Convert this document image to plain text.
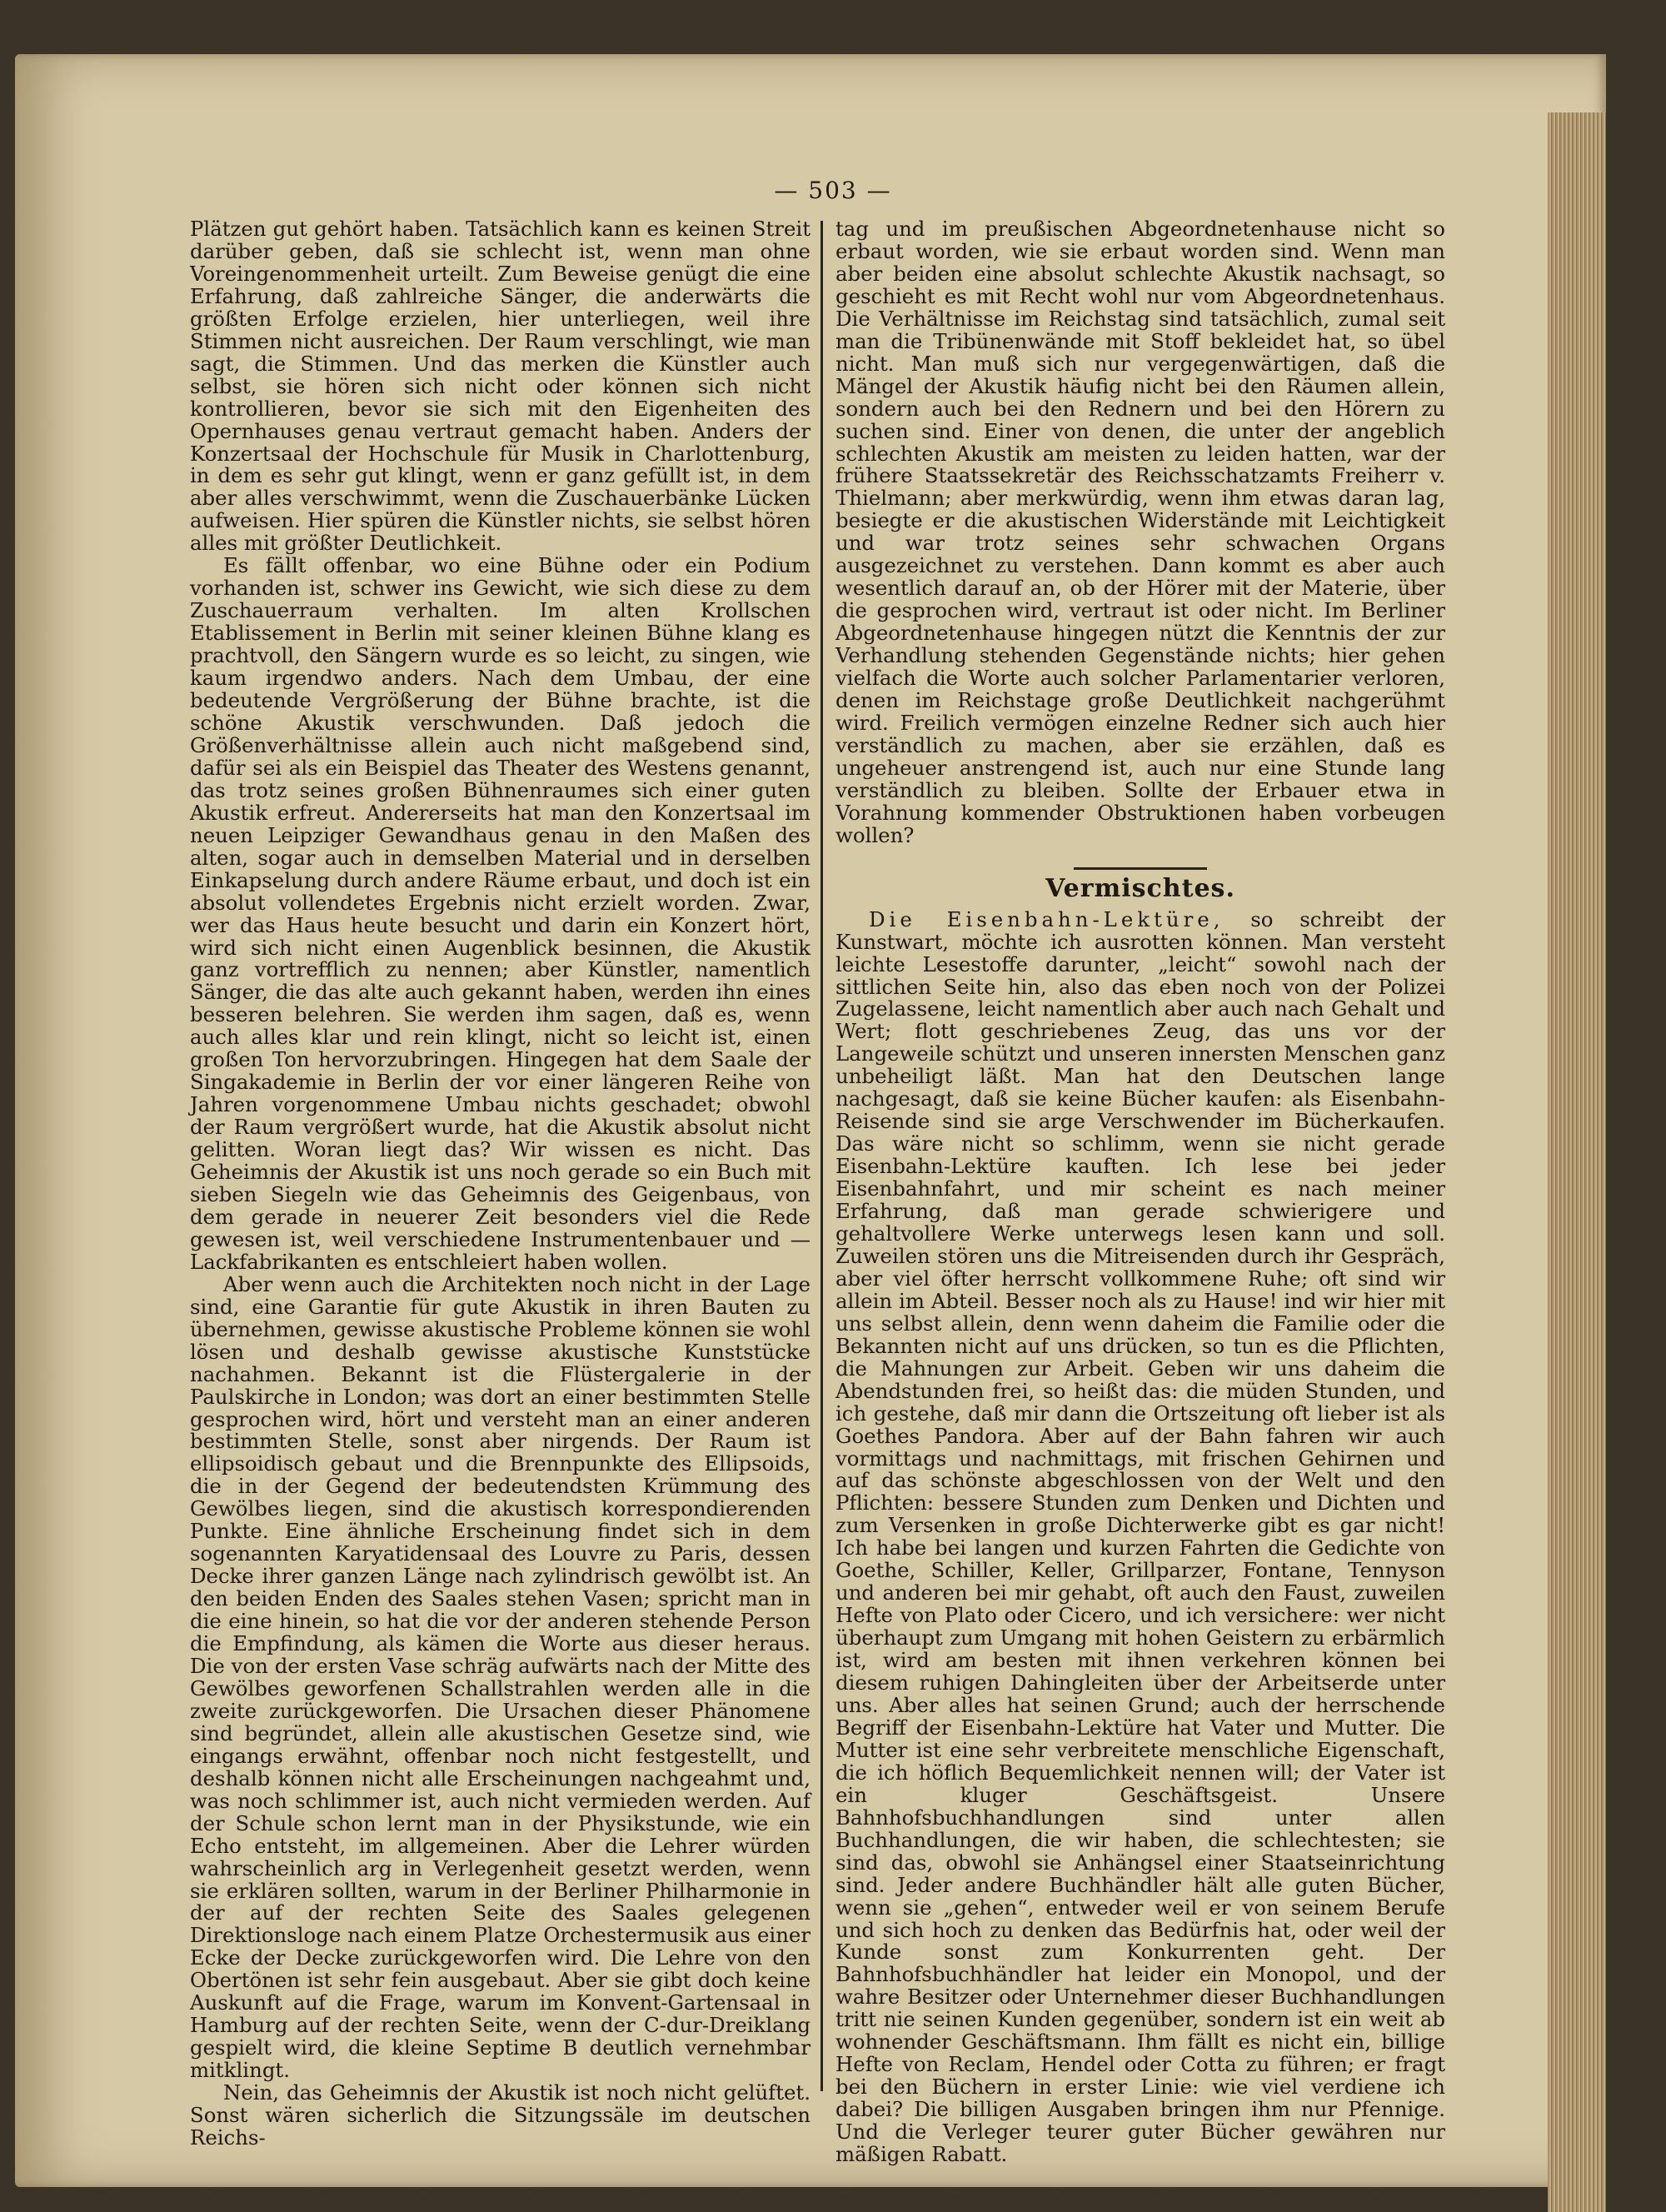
— 503 —

Plätzen gut gehört haben. Tatsächlich kann es keinen Streit darüber geben, daß sie schlecht ist, wenn man ohne Voreingenommenheit urteilt. Zum Beweise genügt die eine Erfahrung, daß zahlreiche Sänger, die anderwärts die größten Erfolge erzielen, hier unterliegen, weil ihre Stimmen nicht ausreichen. Der Raum verschlingt, wie man sagt, die Stimmen. Und das merken die Künstler auch selbst, sie hören sich nicht oder können sich nicht kontrollieren, bevor sie sich mit den Eigenheiten des Opernhauses genau vertraut gemacht haben. Anders der Konzertsaal der Hochschule für Musik in Charlottenburg, in dem es sehr gut klingt, wenn er ganz gefüllt ist, in dem aber alles verschwimmt, wenn die Zuschauerbänke Lücken aufweisen. Hier spüren die Künstler nichts, sie selbst hören alles mit größter Deutlichkeit.

Es fällt offenbar, wo eine Bühne oder ein Podium vorhanden ist, schwer ins Gewicht, wie sich diese zu dem Zuschauerraum verhalten. Im alten Krollschen Etablissement in Berlin mit seiner kleinen Bühne klang es prachtvoll, den Sängern wurde es so leicht, zu singen, wie kaum irgendwo anders. Nach dem Umbau, der eine bedeutende Vergrößerung der Bühne brachte, ist die schöne Akustik verschwunden. Daß jedoch die Größenverhältnisse allein auch nicht maßgebend sind, dafür sei als ein Beispiel das Theater des Westens genannt, das trotz seines großen Bühnenraumes sich einer guten Akustik erfreut. Andererseits hat man den Konzertsaal im neuen Leipziger Gewandhaus genau in den Maßen des alten, sogar auch in demselben Material und in derselben Einkapselung durch andere Räume erbaut, und doch ist ein absolut vollendetes Ergebnis nicht erzielt worden. Zwar, wer das Haus heute besucht und darin ein Konzert hört, wird sich nicht einen Augenblick besinnen, die Akustik ganz vortrefflich zu nennen; aber Künstler, namentlich Sänger, die das alte auch gekannt haben, werden ihn eines besseren belehren. Sie werden ihm sagen, daß es, wenn auch alles klar und rein klingt, nicht so leicht ist, einen großen Ton hervorzubringen. Hingegen hat dem Saale der Singakademie in Berlin der vor einer längeren Reihe von Jahren vorgenommene Umbau nichts geschadet; obwohl der Raum vergrößert wurde, hat die Akustik absolut nicht gelitten. Woran liegt das? Wir wissen es nicht. Das Geheimnis der Akustik ist uns noch gerade so ein Buch mit sieben Siegeln wie das Geheimnis des Geigenbaus, von dem gerade in neuerer Zeit besonders viel die Rede gewesen ist, weil verschiedene Instrumentenbauer und — Lackfabrikanten es entschleiert haben wollen.

Aber wenn auch die Architekten noch nicht in der Lage sind, eine Garantie für gute Akustik in ihren Bauten zu übernehmen, gewisse akustische Probleme können sie wohl lösen und deshalb gewisse akustische Kunststücke nachahmen. Bekannt ist die Flüstergalerie in der Paulskirche in London; was dort an einer bestimmten Stelle gesprochen wird, hört und versteht man an einer anderen bestimmten Stelle, sonst aber nirgends. Der Raum ist ellipsoidisch gebaut und die Brennpunkte des Ellipsoids, die in der Gegend der bedeutendsten Krümmung des Gewölbes liegen, sind die akustisch korrespondierenden Punkte. Eine ähnliche Erscheinung findet sich in dem sogenannten Karyatidensaal des Louvre zu Paris, dessen Decke ihrer ganzen Länge nach zylindrisch gewölbt ist. An den beiden Enden des Saales stehen Vasen; spricht man in die eine hinein, so hat die vor der anderen stehende Person die Empfindung, als kämen die Worte aus dieser heraus. Die von der ersten Vase schräg aufwärts nach der Mitte des Gewölbes geworfenen Schallstrahlen werden alle in die zweite zurückgeworfen. Die Ursachen dieser Phänomene sind begründet, allein alle akustischen Gesetze sind, wie eingangs erwähnt, offenbar noch nicht festgestellt, und deshalb können nicht alle Erscheinungen nachgeahmt und, was noch schlimmer ist, auch nicht vermieden werden. Auf der Schule schon lernt man in der Physikstunde, wie ein Echo entsteht, im allgemeinen. Aber die Lehrer würden wahrscheinlich arg in Verlegenheit gesetzt werden, wenn sie erklären sollten, warum in der Berliner Philharmonie in der auf der rechten Seite des Saales gelegenen Direktionsloge nach einem Platze Orchestermusik aus einer Ecke der Decke zurückgeworfen wird. Die Lehre von den Obertönen ist sehr fein ausgebaut. Aber sie gibt doch keine Auskunft auf die Frage, warum im Konvent-Gartensaal in Hamburg auf der rechten Seite, wenn der C-dur-Dreiklang gespielt wird, die kleine Septime B deutlich vernehmbar mitklingt.

Nein, das Geheimnis der Akustik ist noch nicht gelüftet. Sonst wären sicherlich die Sitzungssäle im deutschen Reichs-

tag und im preußischen Abgeordnetenhause nicht so erbaut worden, wie sie erbaut worden sind. Wenn man aber beiden eine absolut schlechte Akustik nachsagt, so geschieht es mit Recht wohl nur vom Abgeordnetenhaus. Die Verhältnisse im Reichstag sind tatsächlich, zumal seit man die Tribünenwände mit Stoff bekleidet hat, so übel nicht. Man muß sich nur vergegenwärtigen, daß die Mängel der Akustik häufig nicht bei den Räumen allein, sondern auch bei den Rednern und bei den Hörern zu suchen sind. Einer von denen, die unter der angeblich schlechten Akustik am meisten zu leiden hatten, war der frühere Staatssekretär des Reichsschatzamts Freiherr v. Thielmann; aber merkwürdig, wenn ihm etwas daran lag, besiegte er die akustischen Widerstände mit Leichtigkeit und war trotz seines sehr schwachen Organs ausgezeichnet zu verstehen. Dann kommt es aber auch wesentlich darauf an, ob der Hörer mit der Materie, über die gesprochen wird, vertraut ist oder nicht. Im Berliner Abgeordnetenhause hingegen nützt die Kenntnis der zur Verhandlung stehenden Gegenstände nichts; hier gehen vielfach die Worte auch solcher Parlamentarier verloren, denen im Reichstage große Deutlichkeit nachgerühmt wird. Freilich vermögen einzelne Redner sich auch hier verständlich zu machen, aber sie erzählen, daß es ungeheuer anstrengend ist, auch nur eine Stunde lang verständlich zu bleiben. Sollte der Erbauer etwa in Vorahnung kommender Obstruktionen haben vorbeugen wollen?

Vermischtes.

Die Eisenbahn-Lektüre, so schreibt der Kunstwart, möchte ich ausrotten können. Man versteht leichte Lesestoffe darunter, „leicht“ sowohl nach der sittlichen Seite hin, also das eben noch von der Polizei Zugelassene, leicht namentlich aber auch nach Gehalt und Wert; flott geschriebenes Zeug, das uns vor der Langeweile schützt und unseren innersten Menschen ganz unbeheiligt läßt. Man hat den Deutschen lange nachgesagt, daß sie keine Bücher kaufen: als Eisenbahn-Reisende sind sie arge Verschwender im Bücherkaufen. Das wäre nicht so schlimm, wenn sie nicht gerade Eisenbahn-Lektüre kauften. Ich lese bei jeder Eisenbahnfahrt, und mir scheint es nach meiner Erfahrung, daß man gerade schwierigere und gehaltvollere Werke unterwegs lesen kann und soll. Zuweilen stören uns die Mitreisenden durch ihr Gespräch, aber viel öfter herrscht vollkommene Ruhe; oft sind wir allein im Abteil. Besser noch als zu Hause! ind wir hier mit uns selbst allein, denn wenn daheim die Familie oder die Bekannten nicht auf uns drücken, so tun es die Pflichten, die Mahnungen zur Arbeit. Geben wir uns daheim die Abendstunden frei, so heißt das: die müden Stunden, und ich gestehe, daß mir dann die Ortszeitung oft lieber ist als Goethes Pandora. Aber auf der Bahn fahren wir auch vormittags und nachmittags, mit frischen Gehirnen und auf das schönste abgeschlossen von der Welt und den Pflichten: bessere Stunden zum Denken und Dichten und zum Versenken in große Dichterwerke gibt es gar nicht! Ich habe bei langen und kurzen Fahrten die Gedichte von Goethe, Schiller, Keller, Grillparzer, Fontane, Tennyson und anderen bei mir gehabt, oft auch den Faust, zuweilen Hefte von Plato oder Cicero, und ich versichere: wer nicht überhaupt zum Umgang mit hohen Geistern zu erbärmlich ist, wird am besten mit ihnen verkehren können bei diesem ruhigen Dahingleiten über der Arbeitserde unter uns. Aber alles hat seinen Grund; auch der herrschende Begriff der Eisenbahn-Lektüre hat Vater und Mutter. Die Mutter ist eine sehr verbreitete menschliche Eigenschaft, die ich höflich Bequemlichkeit nennen will; der Vater ist ein kluger Geschäftsgeist. Unsere Bahnhofsbuchhandlungen sind unter allen Buchhandlungen, die wir haben, die schlechtesten; sie sind das, obwohl sie Anhängsel einer Staatseinrichtung sind. Jeder andere Buchhändler hält alle guten Bücher, wenn sie „gehen“, entweder weil er von seinem Berufe und sich hoch zu denken das Bedürfnis hat, oder weil der Kunde sonst zum Konkurrenten geht. Der Bahnhofsbuchhändler hat leider ein Monopol, und der wahre Besitzer oder Unternehmer dieser Buchhandlungen tritt nie seinen Kunden gegenüber, sondern ist ein weit ab wohnender Geschäftsmann. Ihm fällt es nicht ein, billige Hefte von Reclam, Hendel oder Cotta zu führen; er fragt bei den Büchern in erster Linie: wie viel verdiene ich dabei? Die billigen Ausgaben bringen ihm nur Pfennige. Und die Verleger teurer guter Bücher gewähren nur mäßigen Rabatt.
